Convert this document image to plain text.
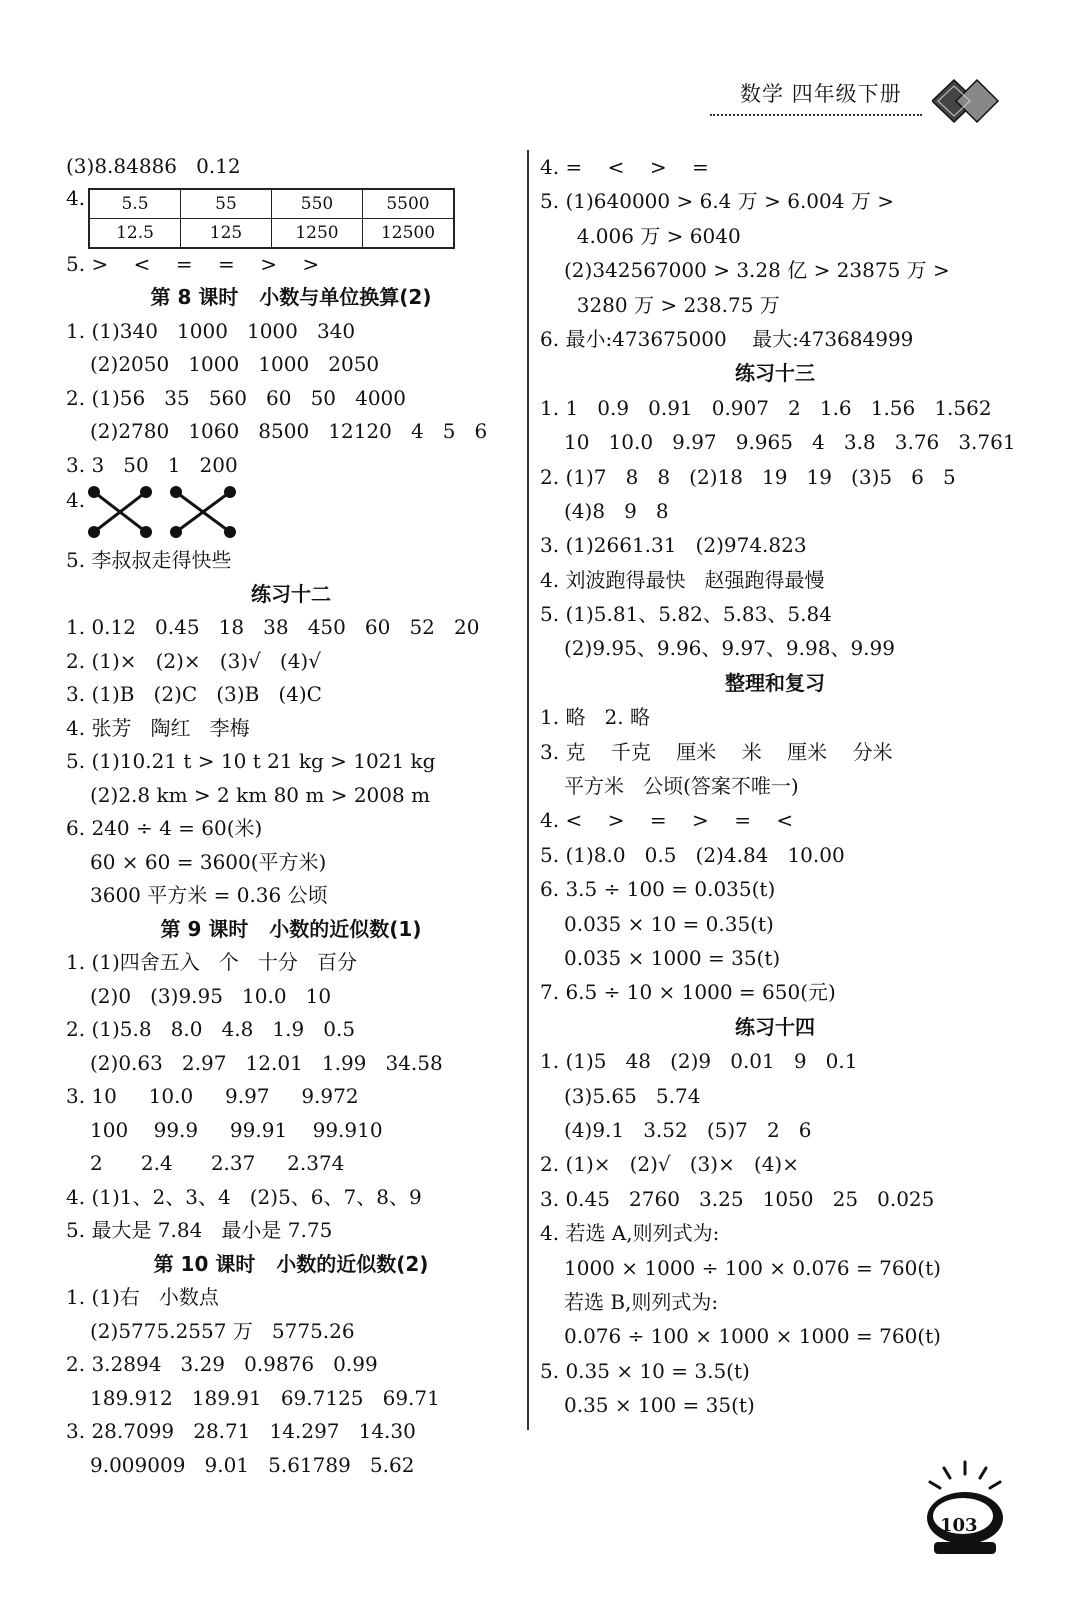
数学 四年级下册
(3)8.84886   0.12
4. 5.5	55	550	5500
12.5	125	1250	12500
5. >    <    =    =    >    >
第 8 课时   小数与单位换算(2)
1. (1)340   1000   1000   340
(2)2050   1000   1000   2050
2. (1)56   35   560   60   50   4000
(2)2780   1060   8500   12120   4   5   6
3. 3   50   1   200
4.
5. 李叔叔走得快些
练习十二
1. 0.12   0.45   18   38   450   60   52   20
2. (1)×   (2)×   (3)√   (4)√
3. (1)B   (2)C   (3)B   (4)C
4. 张芳   陶红   李梅
5. (1)10.21 t > 10 t 21 kg > 1021 kg
(2)2.8 km > 2 km 80 m > 2008 m
6. 240 ÷ 4 = 60(米)
60 × 60 = 3600(平方米)
3600 平方米 = 0.36 公顷
第 9 课时   小数的近似数(1)
1. (1)四舍五入   个   十分   百分
(2)0   (3)9.95   10.0   10
2. (1)5.8   8.0   4.8   1.9   0.5
(2)0.63   2.97   12.01   1.99   34.58
3. 10     10.0     9.97     9.972
100    99.9     99.91    99.910
2      2.4      2.37     2.374
4. (1)1、2、3、4   (2)5、6、7、8、9
5. 最大是 7.84   最小是 7.75
第 10 课时   小数的近似数(2)
1. (1)右   小数点
(2)5775.2557 万   5775.26
2. 3.2894   3.29   0.9876   0.99
189.912   189.91   69.7125   69.71
3. 28.7099   28.71   14.297   14.30
9.009009   9.01   5.61789   5.62
4. =    <    >    =
5. (1)640000 > 6.4 万 > 6.004 万 >
4.006 万 > 6040
(2)342567000 > 3.28 亿 > 23875 万 >
3280 万 > 238.75 万
6. 最小:473675000    最大:473684999
练习十三
1. 1   0.9   0.91   0.907   2   1.6   1.56   1.562
10   10.0   9.97   9.965   4   3.8   3.76   3.761
2. (1)7   8   8   (2)18   19   19   (3)5   6   5
(4)8   9   8
3. (1)2661.31   (2)974.823
4. 刘波跑得最快   赵强跑得最慢
5. (1)5.81、5.82、5.83、5.84
(2)9.95、9.96、9.97、9.98、9.99
整理和复习
1. 略   2. 略
3. 克    千克    厘米    米    厘米    分米
平方米   公顷(答案不唯一)
4. <    >    =    >    =    <
5. (1)8.0   0.5   (2)4.84   10.00
6. 3.5 ÷ 100 = 0.035(t)
0.035 × 10 = 0.35(t)
0.035 × 1000 = 35(t)
7. 6.5 ÷ 10 × 1000 = 650(元)
练习十四
1. (1)5   48   (2)9   0.01   9   0.1
(3)5.65   5.74
(4)9.1   3.52   (5)7   2   6
2. (1)×   (2)√   (3)×   (4)×
3. 0.45   2760   3.25   1050   25   0.025
4. 若选 A,则列式为:
1000 × 1000 ÷ 100 × 0.076 = 760(t)
若选 B,则列式为:
0.076 ÷ 100 × 1000 × 1000 = 760(t)
5. 0.35 × 10 = 3.5(t)
0.35 × 100 = 35(t)
103
